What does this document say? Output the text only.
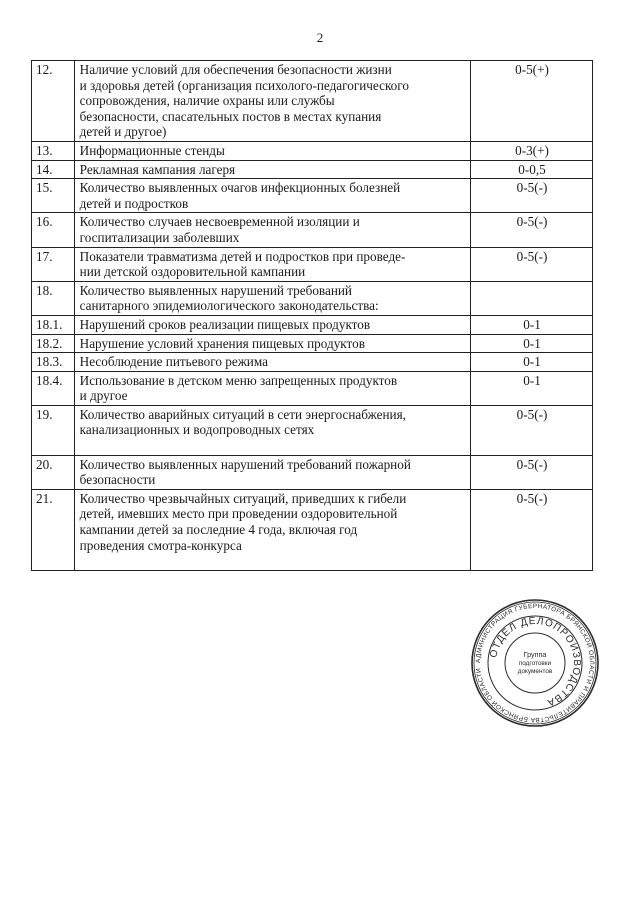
2
12.	Наличие условий для обеспечения безопасности жизни
и здоровья детей (организация психолого-педагогического
сопровождения, наличие охраны или службы
безопасности, спасательных постов в местах купания
детей и другое)	0-5(+)
13.	Информационные стенды	0-3(+)
14.	Рекламная кампания лагеря	0-0,5
15.	Количество выявленных очагов инфекционных болезней
детей и подростков	0-5(-)
16.	Количество случаев несвоевременной изоляции и
госпитализации заболевших	0-5(-)
17.	Показатели травматизма детей и подростков при проведе-
нии детской оздоровительной кампании	0-5(-)
18.	Количество выявленных нарушений требований
санитарного эпидемиологического законодательства:	
18.1.	Нарушений сроков реализации пищевых продуктов	0-1
18.2.	Нарушение условий хранения пищевых продуктов	0-1
18.3.	Несоблюдение питьевого режима	0-1
18.4.	Использование в детском меню запрещенных продуктов
и другое	0-1
19.	Количество аварийных ситуаций в сети энергоснабжения,
канализационных и водопроводных сетях	0-5(-)
20.	Количество выявленных нарушений требований пожарной
безопасности	0-5(-)
21.	Количество чрезвычайных ситуаций, приведших к гибели
детей, имевших место при проведении оздоровительной
кампании детей за последние 4 года, включая год
проведения смотра-конкурса	0-5(-)
АДМИНИСТРАЦИЯ ГУБЕРНАТОРА БРЯНСКОЙ ОБЛАСТИ И ПРАВИТЕЛЬСТВА БРЯНСКОЙ ОБЛАСТИ
ОТДЕЛ ДЕЛОПРОИЗВОДСТВА
Группа
подготовки
документов
